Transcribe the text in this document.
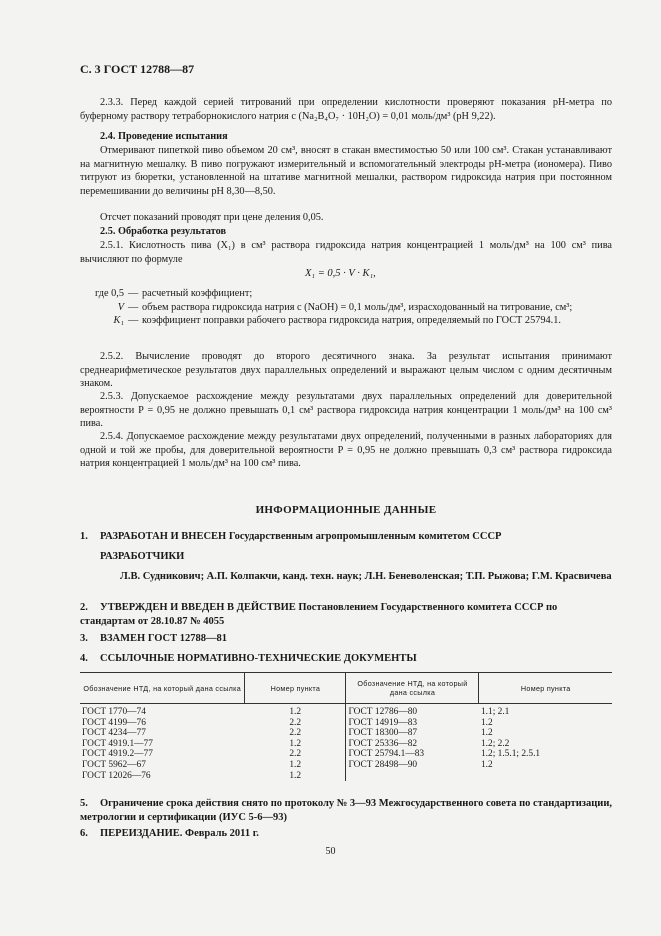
С. 3 ГОСТ 12788—87
2.3.3. Перед каждой серией титрований при определении кислотности проверяют показания рН-метра по буферному раствору тетраборнокислого натрия c (Na₂B₄O₇ · 10H₂O) = 0,01 моль/дм³ (pH 9,22).
2.4. Проведение испытания
Отмеривают пипеткой пиво объемом 20 см³, вносят в стакан вместимостью 50 или 100 см³. Стакан устанавливают на магнитную мешалку. В пиво погружают измерительный и вспомогательный электроды рН-метра (иономера). Пиво титруют из бюретки, установленной на штативе магнитной мешалки, раствором гидроксида натрия при постоянном перемешивании до величины рН 8,30—8,50.
Отсчет показаний проводят при цене деления 0,05.
2.5. Обработка результатов
2.5.1. Кислотность пива (X₁) в см³ раствора гидроксида натрия концентрацией 1 моль/дм³ на 100 см³ пива вычисляют по формуле
X₁ = 0,5 · V · K₁,
где 0,5 — расчетный коэффициент;
V — объем раствора гидроксида натрия c (NaOH) = 0,1 моль/дм³, израсходованный на титрование, см³;
K₁ — коэффициент поправки рабочего раствора гидроксида натрия, определяемый по ГОСТ 25794.1.
2.5.2. Вычисление проводят до второго десятичного знака. За результат испытания принимают среднеарифметическое результатов двух параллельных определений и выражают целым числом с одним десятичным знаком.
2.5.3. Допускаемое расхождение между результатами двух параллельных определений для доверительной вероятности P = 0,95 не должно превышать 0,1 см³ раствора гидроксида натрия концентрации 1 моль/дм³ на 100 см³ пива.
2.5.4. Допускаемое расхождение между результатами двух определений, полученными в разных лабораториях для одной и той же пробы, для доверительной вероятности P = 0,95 не должно превышать 0,3 см³ раствора гидроксида натрия концентрацией 1 моль/дм³ на 100 см³ пива.
ИНФОРМАЦИОННЫЕ ДАННЫЕ
1. РАЗРАБОТАН И ВНЕСЕН Государственным агропромышленным комитетом СССР
РАЗРАБОТЧИКИ
Л.В. Судникович; А.П. Колпакчи, канд. техн. наук; Л.Н. Беневоленская; Т.П. Рыжова; Г.М. Красвичева
2. УТВЕРЖДЕН И ВВЕДЕН В ДЕЙСТВИЕ Постановлением Государственного комитета СССР по стандартам от 28.10.87 № 4055
3. ВЗАМЕН ГОСТ 12788—81
4. ССЫЛОЧНЫЕ НОРМАТИВНО-ТЕХНИЧЕСКИЕ ДОКУМЕНТЫ
Обозначение НТД, на который дана ссылка	Номер пункта	Обозначение НТД, на который дана ссылка	Номер пункта
ГОСТ 1770—74	1.2	ГОСТ 12786—80	1.1; 2.1
ГОСТ 4199—76	2.2	ГОСТ 14919—83	1.2
ГОСТ 4234—77	2.2	ГОСТ 18300—87	1.2
ГОСТ 4919.1—77	1.2	ГОСТ 25336—82	1.2; 2.2
ГОСТ 4919.2—77	2.2	ГОСТ 25794.1—83	1.2; 1.5.1; 2.5.1
ГОСТ 5962—67	1.2	ГОСТ 28498—90	1.2
ГОСТ 12026—76	1.2		
5. Ограничение срока действия снято по протоколу № 3—93 Межгосударственного совета по стандартизации, метрологии и сертификации (ИУС 5-6—93)
6. ПЕРЕИЗДАНИЕ. Февраль 2011 г.
50
